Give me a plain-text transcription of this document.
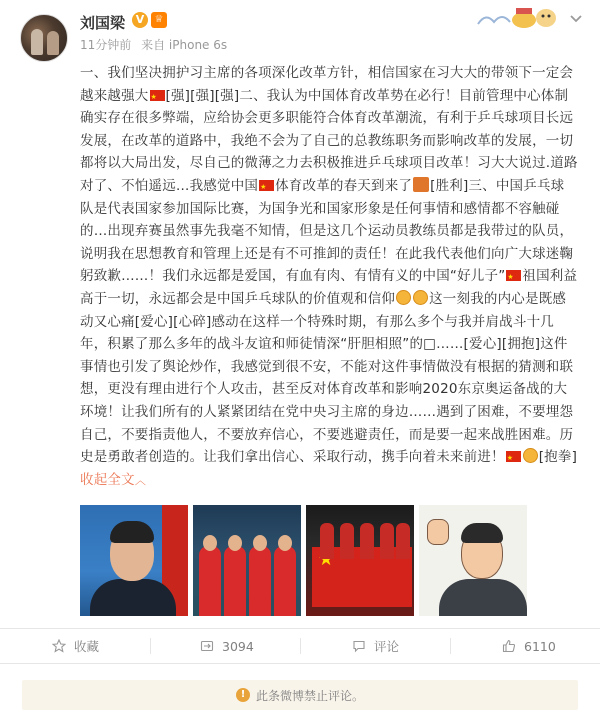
刘国梁 V	♕
11分钟前 来自 iPhone 6s
一、我们坚决拥护习主席的各项深化改革方针，相信国家在习大大的带领下一定会越来越强大 ★ [强][强][强]二、我认为中国体育改革势在必行！目前管理中心体制确实存在很多弊端，应给协会更多职能符合体育改革潮流，有利于乒乓球项目长远发展，在改革的道路中，我绝不会为了自己的总教练职务而影响改革的发展，一切都将以大局出发，尽自己的微薄之力去积极推进乒乓球项目改革！习大大说过.道路对了、不怕遥远…我感觉中国 ★ 体育改革的春天到来了 [胜利]三、中国乒乓球队是代表国家参加国际比赛，为国争光和国家形象是任何事情和感情都不容触碰的…出现弃赛虽然事先我毫不知情，但是这几个运动员教练员都是我带过的队员，说明我在思想教育和管理上还是有不可推卸的责任！在此我代表他们向广大球迷鞠躬致歉……！我们永远都是爱国，有血有肉、有情有义的中国“好儿子” ★ 祖国利益高于一切，永远都会是中国乒乓球队的价值观和信仰	这一刻我的内心是既感动又心痛[爱心][心碎]感动在这样一个特殊时期，有那么多个与我并肩战斗十几年，积累了那么多年的战斗友谊和师徒情深“肝胆相照”的□……[爱心][拥抱]这件事情也引发了舆论炒作，我感觉到很不安，不能对这件事情做没有根据的猜测和联想，更没有理由进行个人攻击，甚至反对体育改革和影响2020东京奥运备战的大环境！让我们所有的人紧紧团结在党中央习主席的身边……遇到了困难，不要埋怨自己，不要指责他人，不要放弃信心，不要逃避责任，而是要一起来战胜困难。历史是勇敢者创造的。让我们拿出信心、采取行动，携手向着未来前进！ ★	[抱拳] 收起全文︿
★
收藏	3094	评论	6110
! 此条微博禁止评论。
